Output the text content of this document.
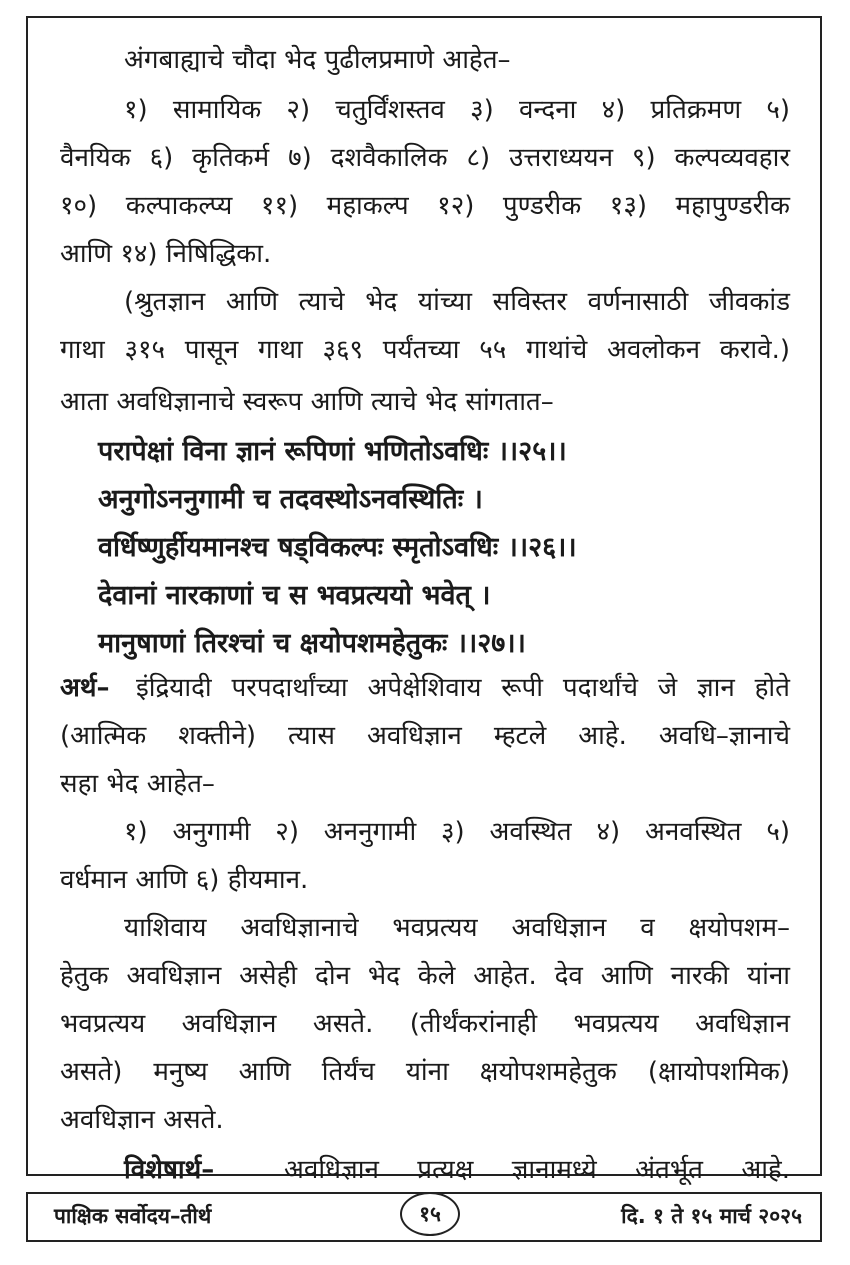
अंगबाह्याचे चौदा भेद पुढीलप्रमाणे आहेत–
१) सामायिक २) चतुर्विंशस्तव ३) वन्दना ४) प्रतिक्रमण ५)
वैनयिक ६) कृतिकर्म ७) दशवैकालिक ८) उत्तराध्ययन ९) कल्पव्यवहार
१०) कल्पाकल्प्य ११) महाकल्प १२) पुण्डरीक १३) महापुण्डरीक
आणि १४) निषिद्धिका.
(श्रुतज्ञान आणि त्याचे भेद यांच्या सविस्तर वर्णनासाठी जीवकांड
गाथा ३१५ पासून गाथा ३६९ पर्यंतच्या ५५ गाथांचे अवलोकन करावे.)
आता अवधिज्ञानाचे स्वरूप आणि त्याचे भेद सांगतात–
परापेक्षां विना ज्ञानं रूपिणां भणितोऽवधिः ।।२५।।
अनुगोऽननुगामी च तदवस्थोऽनवस्थितिः ।
वर्धिष्णुर्हीयमानश्च षड्विकल्पः स्मृतोऽवधिः ।।२६।।
देवानां नारकाणां च स भवप्रत्ययो भवेत् ।
मानुषाणां तिरश्चां च क्षयोपशमहेतुकः ।।२७।।
अर्थ–	इंद्रियादी परपदार्थांच्या अपेक्षेशिवाय रूपी पदार्थांचे जे ज्ञान होते
(आत्मिक शक्तीने) त्यास अवधिज्ञान म्हटले आहे. अवधि–ज्ञानाचे
सहा भेद आहेत–
१) अनुगामी २) अननुगामी ३) अवस्थित ४) अनवस्थित ५)
वर्धमान आणि ६) हीयमान.
याशिवाय अवधिज्ञानाचे भवप्रत्यय अवधिज्ञान व क्षयोपशम–
हेतुक अवधिज्ञान असेही दोन भेद केले आहेत. देव आणि नारकी यांना
भवप्रत्यय अवधिज्ञान असते. (तीर्थंकरांनाही भवप्रत्यय अवधिज्ञान
असते) मनुष्य आणि तिर्यंच यांना क्षयोपशमहेतुक (क्षायोपशमिक)
अवधिज्ञान असते.
विशेषार्थ–	अवधिज्ञान प्रत्यक्ष ज्ञानामध्ये अंतर्भूत आहे.
पाक्षिक सर्वोदय–तीर्थ	१५	दि. १ ते १५ मार्च २०२५
